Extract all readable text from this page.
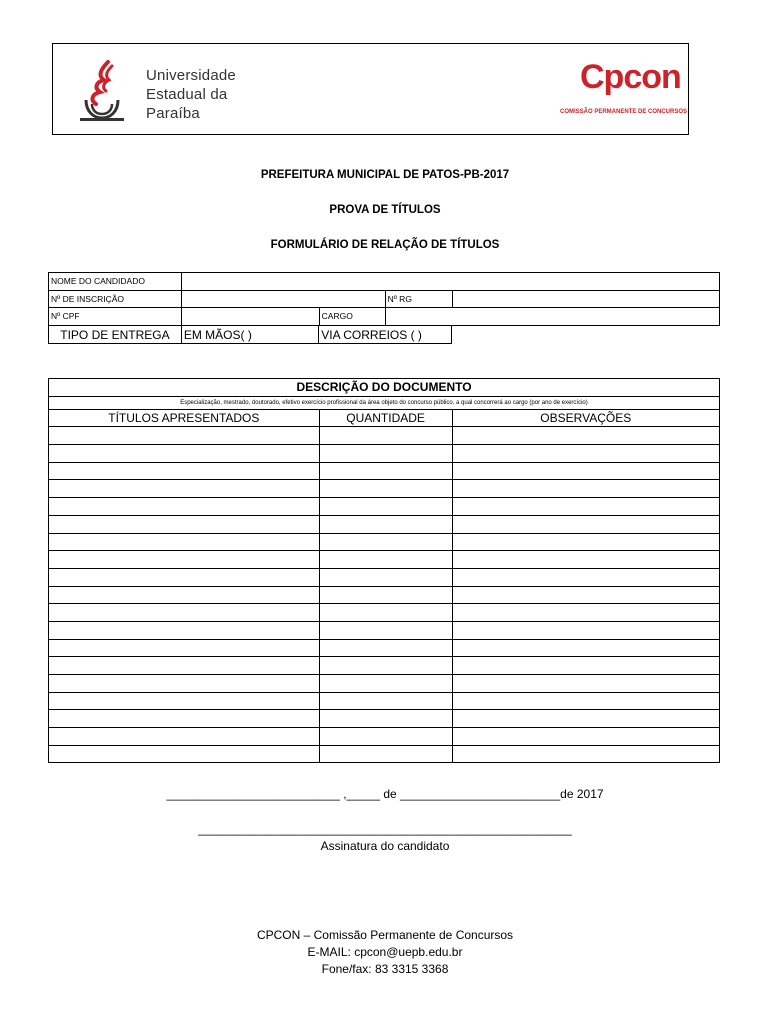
Universidade
Estadual da
Paraíba
Cpcon
COMISSÃO PERMANENTE DE CONCURSOS
PREFEITURA MUNICIPAL DE PATOS-PB-2017
PROVA DE TÍTULOS
FORMULÁRIO DE RELAÇÃO DE TÍTULOS
NOME DO CANDIDADO				
Nº DE INSCRIÇÃO			Nº RG	
Nº CPF		CARGO		
TIPO DE ENTREGA	EM MÃOS( )	VIA CORREIOS ( )
DESCRIÇÃO DO DOCUMENTO		
Especialização, mestrado, doutorado, efetivo exercício profissional da área objeto do concurso público, a qual concorrerá ao cargo (por ano de exercício)		
TÍTULOS APRESENTADOS	QUANTIDADE	OBSERVAÇÕES

__________________________ ,_____ de ________________________de 2017
________________________________________________________
Assinatura do candidato
CPCON – Comissão Permanente de Concursos
E-MAIL: cpcon@uepb.edu.br
Fone/fax: 83 3315 3368
